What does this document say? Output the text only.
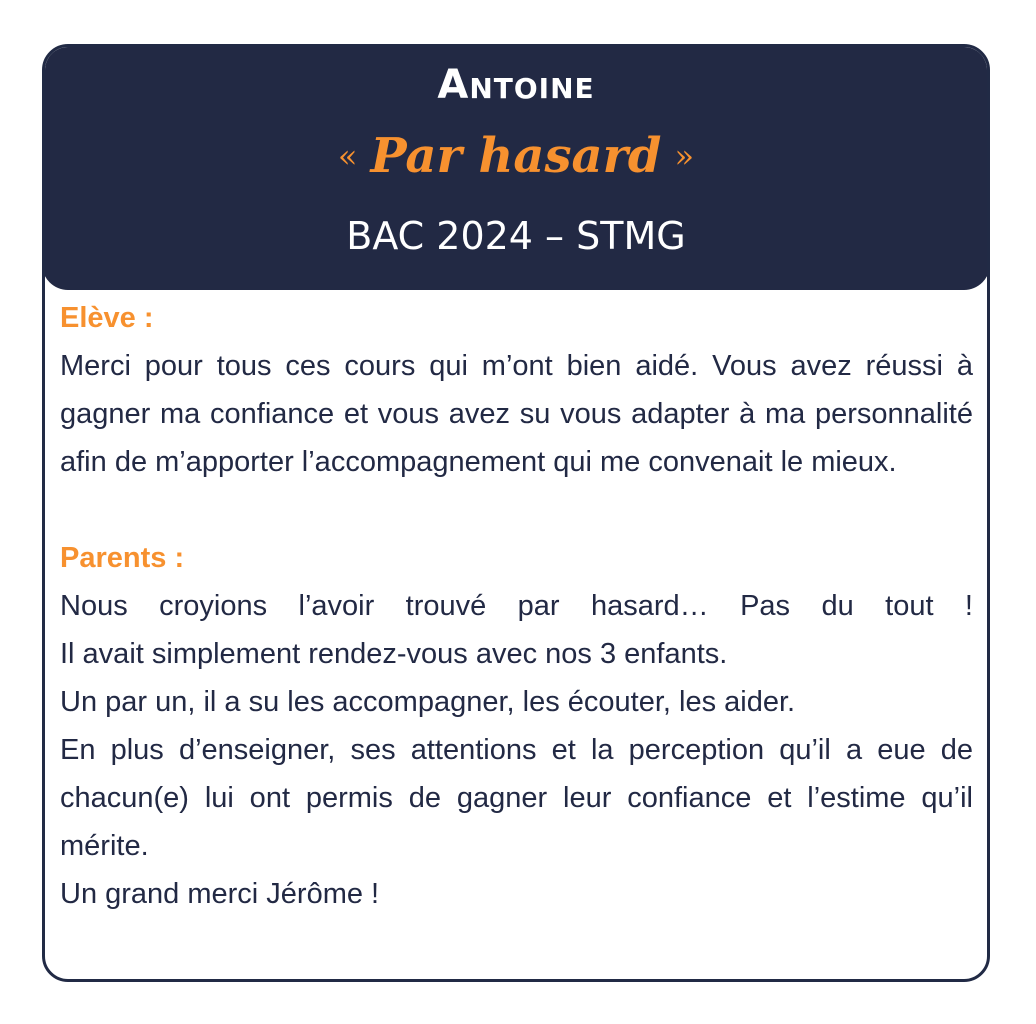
Antoine
« Par hasard »
BAC 2024 – STMG
Elève :
Merci pour tous ces cours qui m’ont bien aidé. Vous avez réussi à gagner ma confiance et vous avez su vous adapter à ma personnalité afin de m’apporter l’accompagnement qui me convenait le mieux.
Parents :
Nous croyions l’avoir trouvé par hasard… Pas du tout !
Il avait simplement rendez-vous avec nos 3 enfants.
Un par un, il a su les accompagner, les écouter, les aider.
En plus d’enseigner, ses attentions et la perception qu’il a eue de chacun(e) lui ont permis de gagner leur confiance et l’estime qu’il mérite.
Un grand merci Jérôme !
